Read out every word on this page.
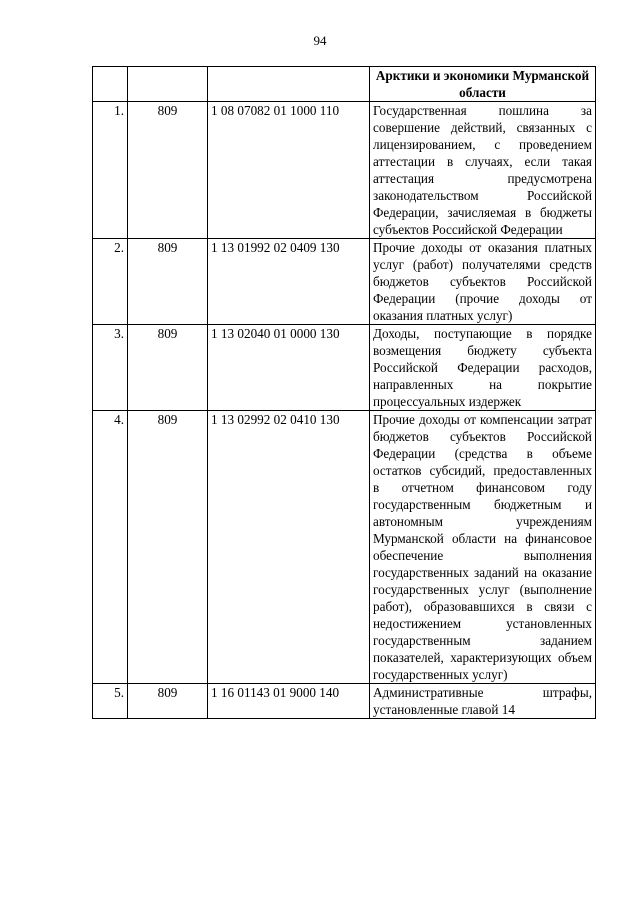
94
			Арктики и экономики Мурманской области
1.	809	1 08 07082 01 1000 110	Государственная пошлина за совершение действий, связанных с лицензированием, с проведением аттестации в случаях, если такая аттестация предусмотрена законодательством Российской Федерации, зачисляемая в бюджеты субъектов Российской Федерации
2.	809	1 13 01992 02 0409 130	Прочие доходы от оказания платных услуг (работ) получателями средств бюджетов субъектов Российской Федерации (прочие доходы от оказания платных услуг)
3.	809	1 13 02040 01 0000 130	Доходы, поступающие в порядке возмещения бюджету субъекта Российской Федерации расходов, направленных на покрытие процессуальных издержек
4.	809	1 13 02992 02 0410 130	Прочие доходы от компенсации затрат бюджетов субъектов Российской Федерации (средства в объеме остатков субсидий, предоставленных в отчетном финансовом году государственным бюджетным и автономным учреждениям Мурманской области на финансовое обеспечение выполнения государственных заданий на оказание государственных услуг (выполнение работ), образовавшихся в связи с недостижением установленных государственным заданием показателей, характеризующих объем государственных услуг)
5.	809	1 16 01143 01 9000 140	Административные штрафы, установленные главой 14
